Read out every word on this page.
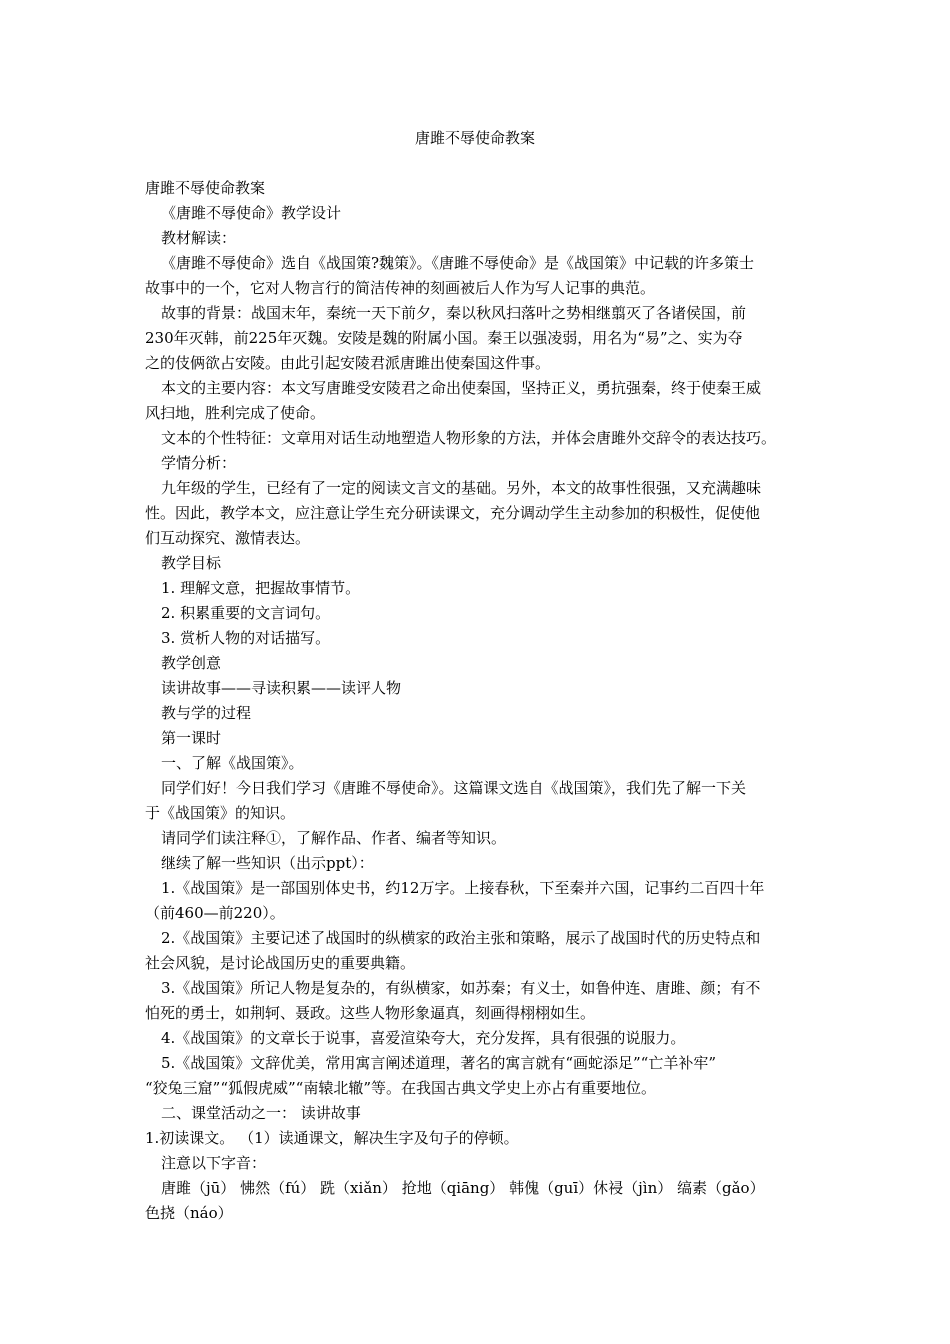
唐雎不辱使命教案
唐雎不辱使命教案
《唐雎不辱使命》教学设计
教材解读：
《唐雎不辱使命》选自《战国策?魏策》。《唐雎不辱使命》是《战国策》中记载的许多策士
故事中的一个，它对人物言行的简洁传神的刻画被后人作为写人记事的典范。
故事的背景：战国末年，秦统一天下前夕，秦以秋风扫落叶之势相继翦灭了各诸侯国，前
230年灭韩，前225年灭魏。安陵是魏的附属小国。秦王以强凌弱，用名为“易”之、实为夺
之的伎俩欲占安陵。由此引起安陵君派唐雎出使秦国这件事。
本文的主要内容：本文写唐雎受安陵君之命出使秦国，坚持正义，勇抗强秦，终于使秦王威
风扫地，胜利完成了使命。
文本的个性特征：文章用对话生动地塑造人物形象的方法，并体会唐雎外交辞令的表达技巧。
学情分析：
九年级的学生，已经有了一定的阅读文言文的基础。另外，本文的故事性很强，又充满趣味
性。因此，教学本文，应注意让学生充分研读课文，充分调动学生主动参加的积极性，促使他
们互动探究、激情表达。
教学目标
1. 理解文意，把握故事情节。
2. 积累重要的文言词句。
3. 赏析人物的对话描写。
教学创意
读讲故事——寻读积累——读评人物
教与学的过程
第一课时
一、了解《战国策》。
同学们好！今日我们学习《唐雎不辱使命》。这篇课文选自《战国策》，我们先了解一下关
于《战国策》的知识。
请同学们读注释①，了解作品、作者、编者等知识。
继续了解一些知识（出示ppt）：
1.《战国策》是一部国别体史书，约12万字。上接春秋，下至秦并六国，记事约二百四十年
（前460—前220）。
2.《战国策》主要记述了战国时的纵横家的政治主张和策略，展示了战国时代的历史特点和
社会风貌，是讨论战国历史的重要典籍。
3.《战国策》所记人物是复杂的，有纵横家，如苏秦；有义士，如鲁仲连、唐雎、颜；有不
怕死的勇士，如荆轲、聂政。这些人物形象逼真，刻画得栩栩如生。
4.《战国策》的文章长于说事，喜爱渲染夸大，充分发挥，具有很强的说服力。
5.《战国策》文辞优美，常用寓言阐述道理，著名的寓言就有“画蛇添足”“亡羊补牢”
“狡兔三窟”“狐假虎威”“南辕北辙”等。在我国古典文学史上亦占有重要地位。
二、课堂活动之一： 读讲故事
1.初读课文。 （1）读通课文，解决生字及句子的停顿。
注意以下字音：
唐雎（jū） 怫然（fú） 跣（xiǎn） 抢地（qiāng） 韩傀（guī）休祲（jìn） 缟素（gǎo）
色挠（náo）
